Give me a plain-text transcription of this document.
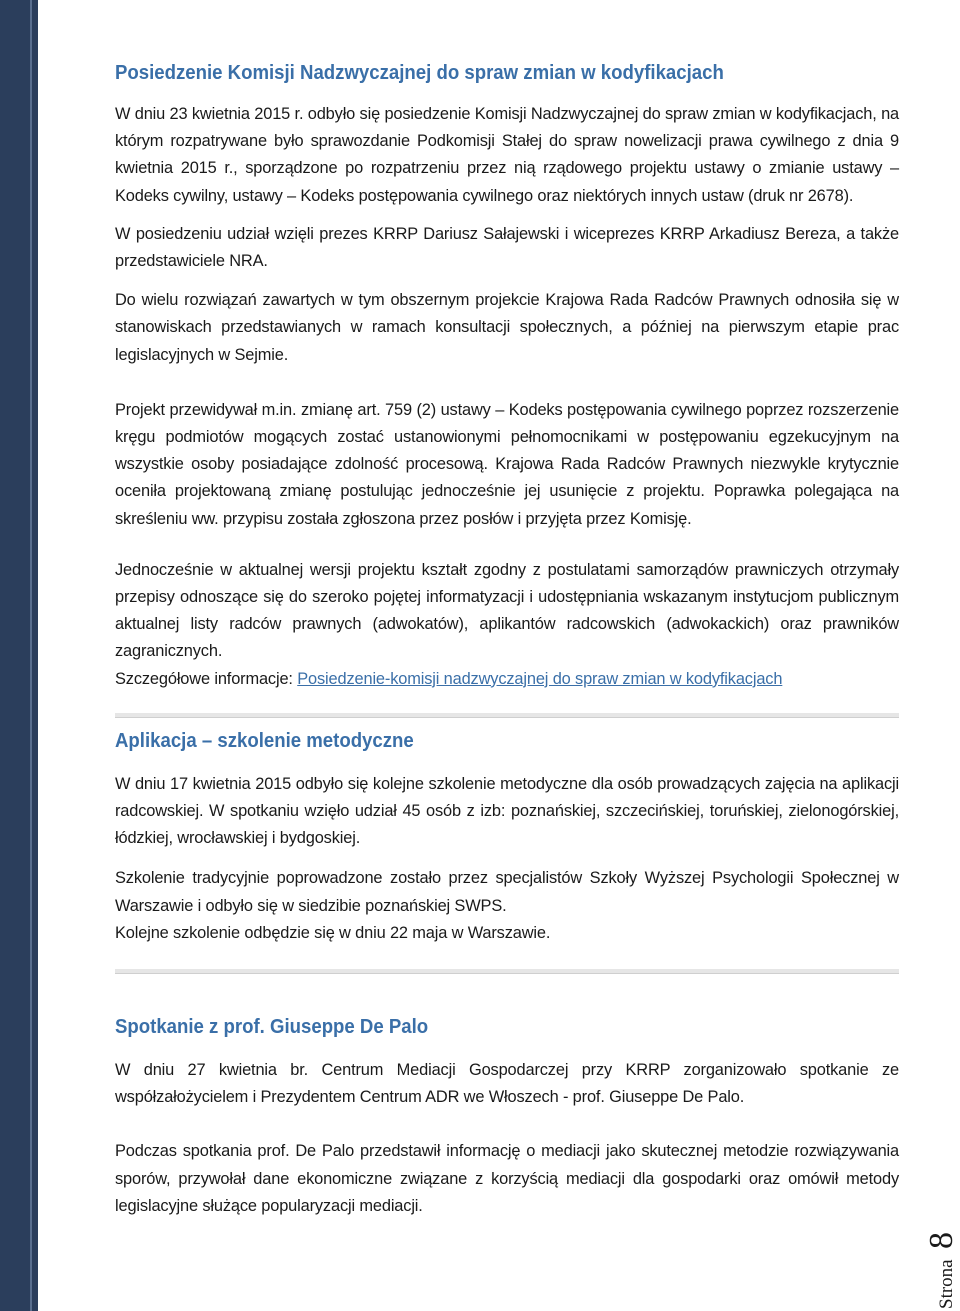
Posiedzenie Komisji Nadzwyczajnej do spraw zmian w kodyfikacjach

W dniu 23 kwietnia 2015 r. odbyło się posiedzenie Komisji Nadzwyczajnej do spraw zmian w kodyfikacjach, na którym rozpatrywane było sprawozdanie Podkomisji Stałej do spraw nowelizacji prawa cywilnego z dnia 9 kwietnia 2015 r., sporządzone po rozpatrzeniu przez nią rządowego projektu ustawy o zmianie ustawy – Kodeks cywilny, ustawy – Kodeks postępowania cywilnego oraz niektórych innych ustaw (druk nr 2678).

W posiedzeniu udział wzięli prezes KRRP Dariusz Sałajewski i wiceprezes KRRP Arkadiusz Bereza, a także przedstawiciele NRA.

Do wielu rozwiązań zawartych w tym obszernym projekcie Krajowa Rada Radców Prawnych odnosiła się w stanowiskach przedstawianych w ramach konsultacji społecznych, a później na pierwszym etapie prac legislacyjnych w Sejmie.

Projekt przewidywał m.in. zmianę art. 759 (2) ustawy – Kodeks postępowania cywilnego poprzez rozszerzenie kręgu podmiotów mogących zostać ustanowionymi pełnomocnikami w postępowaniu egzekucyjnym na wszystkie osoby posiadające zdolność procesową. Krajowa Rada Radców Prawnych niezwykle krytycznie oceniła projektowaną zmianę postulując jednocześnie jej usunięcie z projektu. Poprawka polegająca na skreśleniu ww. przypisu została zgłoszona przez posłów i przyjęta przez Komisję.

Jednocześnie w aktualnej wersji projektu kształt zgodny z postulatami samorządów prawniczych otrzymały przepisy odnoszące się do szeroko pojętej informatyzacji i udostępniania wskazanym instytucjom publicznym aktualnej listy radców prawnych (adwokatów), aplikantów radcowskich (adwokackich) oraz prawników zagranicznych.

Szczegółowe informacje: Posiedzenie-komisji nadzwyczajnej do spraw zmian w kodyfikacjach

Aplikacja – szkolenie metodyczne

W dniu 17 kwietnia 2015 odbyło się kolejne szkolenie metodyczne dla osób prowadzących zajęcia na aplikacji radcowskiej. W spotkaniu wzięło udział 45 osób z izb: poznańskiej, szczecińskiej, toruńskiej, zielonogórskiej, łódzkiej, wrocławskiej i bydgoskiej.

Szkolenie tradycyjnie poprowadzone zostało przez specjalistów Szkoły Wyższej Psychologii Społecznej w Warszawie i odbyło się w siedzibie poznańskiej SWPS.

Kolejne szkolenie odbędzie się w dniu 22 maja w Warszawie.

Spotkanie z prof. Giuseppe De Palo

W dniu 27 kwietnia br. Centrum Mediacji Gospodarczej przy KRRP zorganizowało spotkanie ze współzałożycielem i Prezydentem Centrum ADR we Włoszech - prof. Giuseppe De Palo.

Podczas spotkania prof. De Palo przedstawił informację o mediacji jako skutecznej metodzie rozwiązywania sporów, przywołał dane ekonomiczne związane z korzyścią mediacji dla gospodarki oraz omówił metody legislacyjne służące popularyzacji mediacji.

Strona
8
